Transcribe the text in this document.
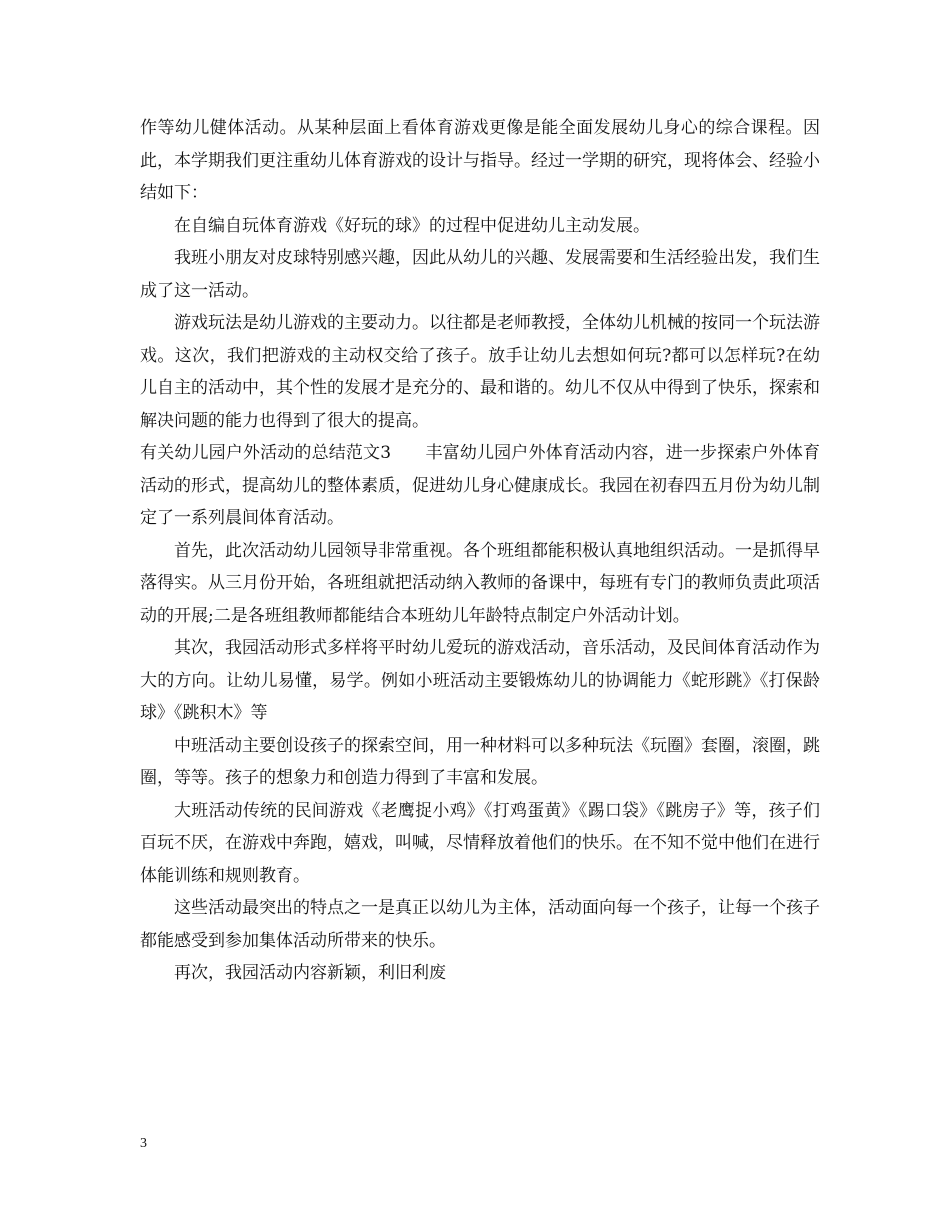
作等幼儿健体活动。从某种层面上看体育游戏更像是能全面发展幼儿身心的综合课程。因此，本学期我们更注重幼儿体育游戏的设计与指导。经过一学期的研究，现将体会、经验小结如下：

在自编自玩体育游戏《好玩的球》的过程中促进幼儿主动发展。

我班小朋友对皮球特别感兴趣，因此从幼儿的兴趣、发展需要和生活经验出发，我们生成了这一活动。

游戏玩法是幼儿游戏的主要动力。以往都是老师教授，全体幼儿机械的按同一个玩法游戏。这次，我们把游戏的主动权交给了孩子。放手让幼儿去想如何玩?都可以怎样玩?在幼儿自主的活动中，其个性的发展才是充分的、最和谐的。幼儿不仅从中得到了快乐，探索和解决问题的能力也得到了很大的提高。

有关幼儿园户外活动的总结范文3　　丰富幼儿园户外体育活动内容，进一步探索户外体育活动的形式，提高幼儿的整体素质，促进幼儿身心健康成长。我园在初春四五月份为幼儿制定了一系列晨间体育活动。

首先，此次活动幼儿园领导非常重视。各个班组都能积极认真地组织活动。一是抓得早落得实。从三月份开始，各班组就把活动纳入教师的备课中，每班有专门的教师负责此项活动的开展;二是各班组教师都能结合本班幼儿年龄特点制定户外活动计划。

其次，我园活动形式多样将平时幼儿爱玩的游戏活动，音乐活动，及民间体育活动作为大的方向。让幼儿易懂，易学。例如小班活动主要锻炼幼儿的协调能力《蛇形跳》《打保龄球》《跳积木》等

中班活动主要创设孩子的探索空间，用一种材料可以多种玩法《玩圈》套圈，滚圈，跳圈，等等。孩子的想象力和创造力得到了丰富和发展。

大班活动传统的民间游戏《老鹰捉小鸡》《打鸡蛋黄》《踢口袋》《跳房子》等，孩子们百玩不厌，在游戏中奔跑，嬉戏，叫喊，尽情释放着他们的快乐。在不知不觉中他们在进行体能训练和规则教育。

这些活动最突出的特点之一是真正以幼儿为主体，活动面向每一个孩子，让每一个孩子都能感受到参加集体活动所带来的快乐。

再次，我园活动内容新颖，利旧利废

3
